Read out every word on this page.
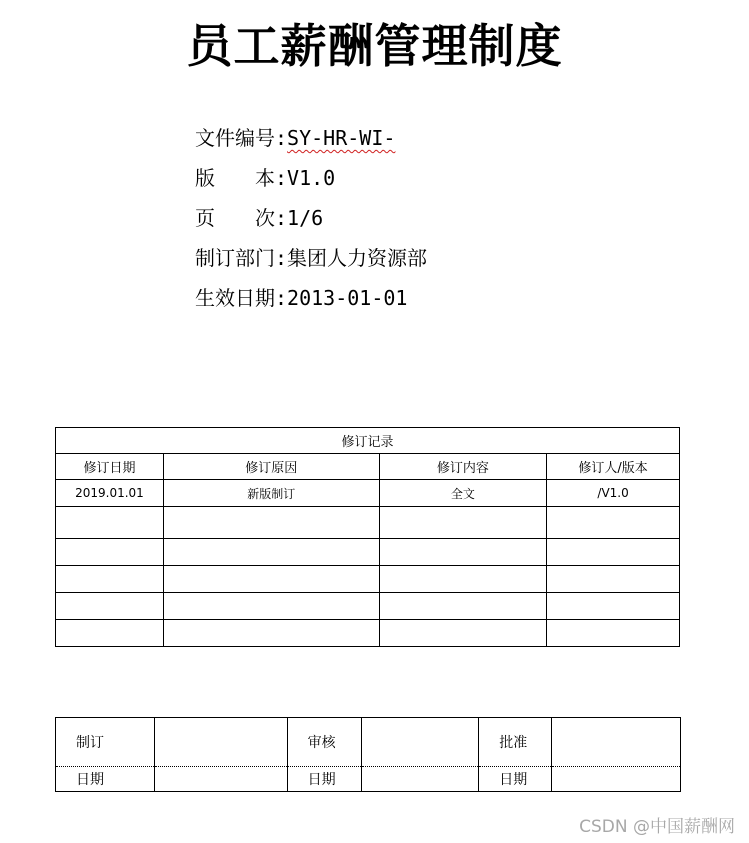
员工薪酬管理制度
文件编号:SY-HR-WI-
版　　本:V1.0
页　　次:1/6
制订部门:集团人力资源部
生效日期:2013-01-01
修订记录			
修订日期	修订原因	修订内容	修订人/版本
2019.01.01	新版制订	全文	/V1.0

制订		审核		批准	
日期		日期		日期	
CSDN @中国薪酬网
